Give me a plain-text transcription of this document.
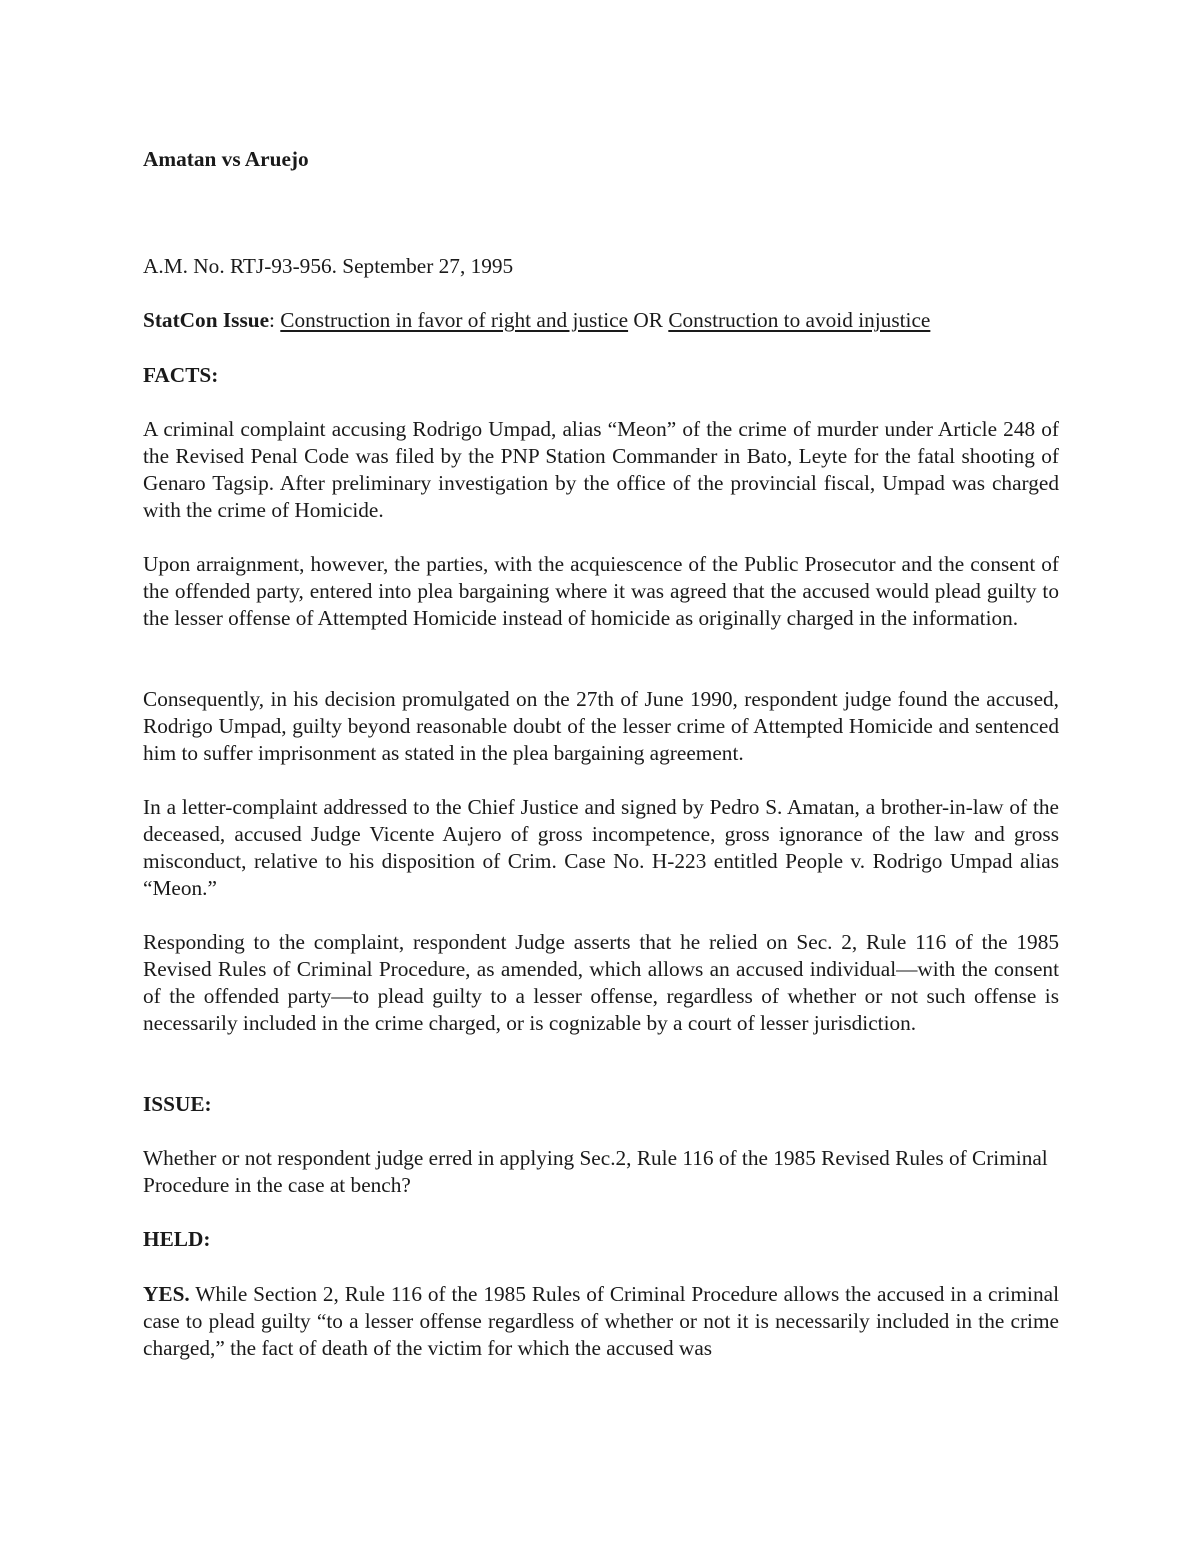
Amatan vs Aruejo

A.M. No. RTJ-93-956. September 27, 1995

StatCon Issue: Construction in favor of right and justice OR Construction to avoid injustice

FACTS:

A criminal complaint accusing Rodrigo Umpad, alias “Meon” of the crime of murder under Article 248 of the Revised Penal Code was filed by the PNP Station Commander in Bato, Leyte for the fatal shooting of Genaro Tagsip. After preliminary investigation by the office of the provincial fiscal, Umpad was charged with the crime of Homicide.

Upon arraignment, however, the parties, with the acquiescence of the Public Prosecutor and the consent of the offended party, entered into plea bargaining where it was agreed that the accused would plead guilty to the lesser offense of Attempted Homicide instead of homicide as originally charged in the information.

Consequently, in his decision promulgated on the 27th of June 1990, respondent judge found the accused, Rodrigo Umpad, guilty beyond reasonable doubt of the lesser crime of Attempted Homicide and sentenced him to suffer imprisonment as stated in the plea bargaining agreement.

In a letter-complaint addressed to the Chief Justice and signed by Pedro S. Amatan, a brother-in-law of the deceased, accused Judge Vicente Aujero of gross incompetence, gross ignorance of the law and gross misconduct, relative to his disposition of Crim. Case No. H-223 entitled People v. Rodrigo Umpad alias “Meon.”

Responding to the complaint, respondent Judge asserts that he relied on Sec. 2, Rule 116 of the 1985 Revised Rules of Criminal Procedure, as amended, which allows an accused individual—with the consent of the offended party—to plead guilty to a lesser offense, regardless of whether or not such offense is necessarily included in the crime charged, or is cognizable by a court of lesser jurisdiction.

ISSUE:

Whether or not respondent judge erred in applying Sec.2, Rule 116 of the 1985 Revised Rules of Criminal Procedure in the case at bench?

HELD:

YES. While Section 2, Rule 116 of the 1985 Rules of Criminal Procedure allows the accused in a criminal case to plead guilty “to a lesser offense regardless of whether or not it is necessarily included in the crime charged,” the fact of death of the victim for which the accused was
